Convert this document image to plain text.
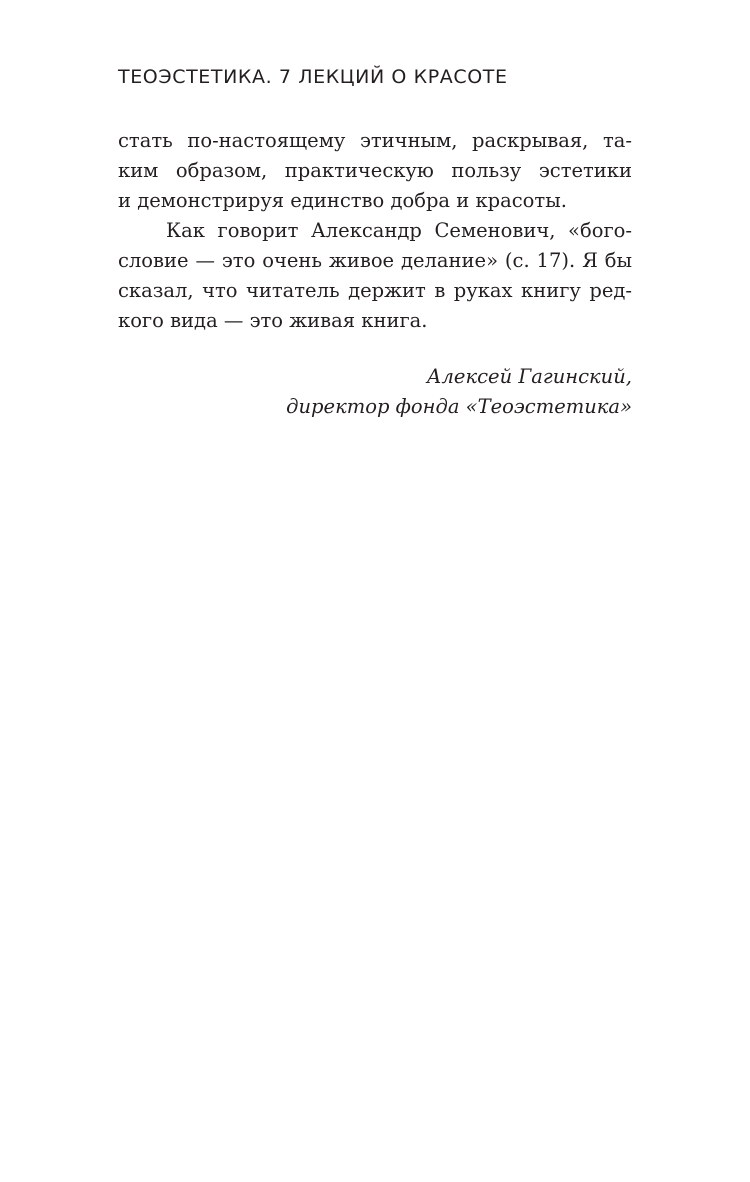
ТЕОЭСТЕТИКА. 7 ЛЕКЦИЙ О КРАСОТЕ
стать по-настоящему этичным, раскрывая, та-
ким образом, практическую пользу эстетики
и демонстрируя единство добра и красоты.
Как говорит Александр Семенович, «бого-
словие — это очень живое делание» (с. 17). Я бы
сказал, что читатель держит в руках книгу ред-
кого вида — это живая книга.
Алексей Гагинский,
директор фонда «Теоэстетика»
